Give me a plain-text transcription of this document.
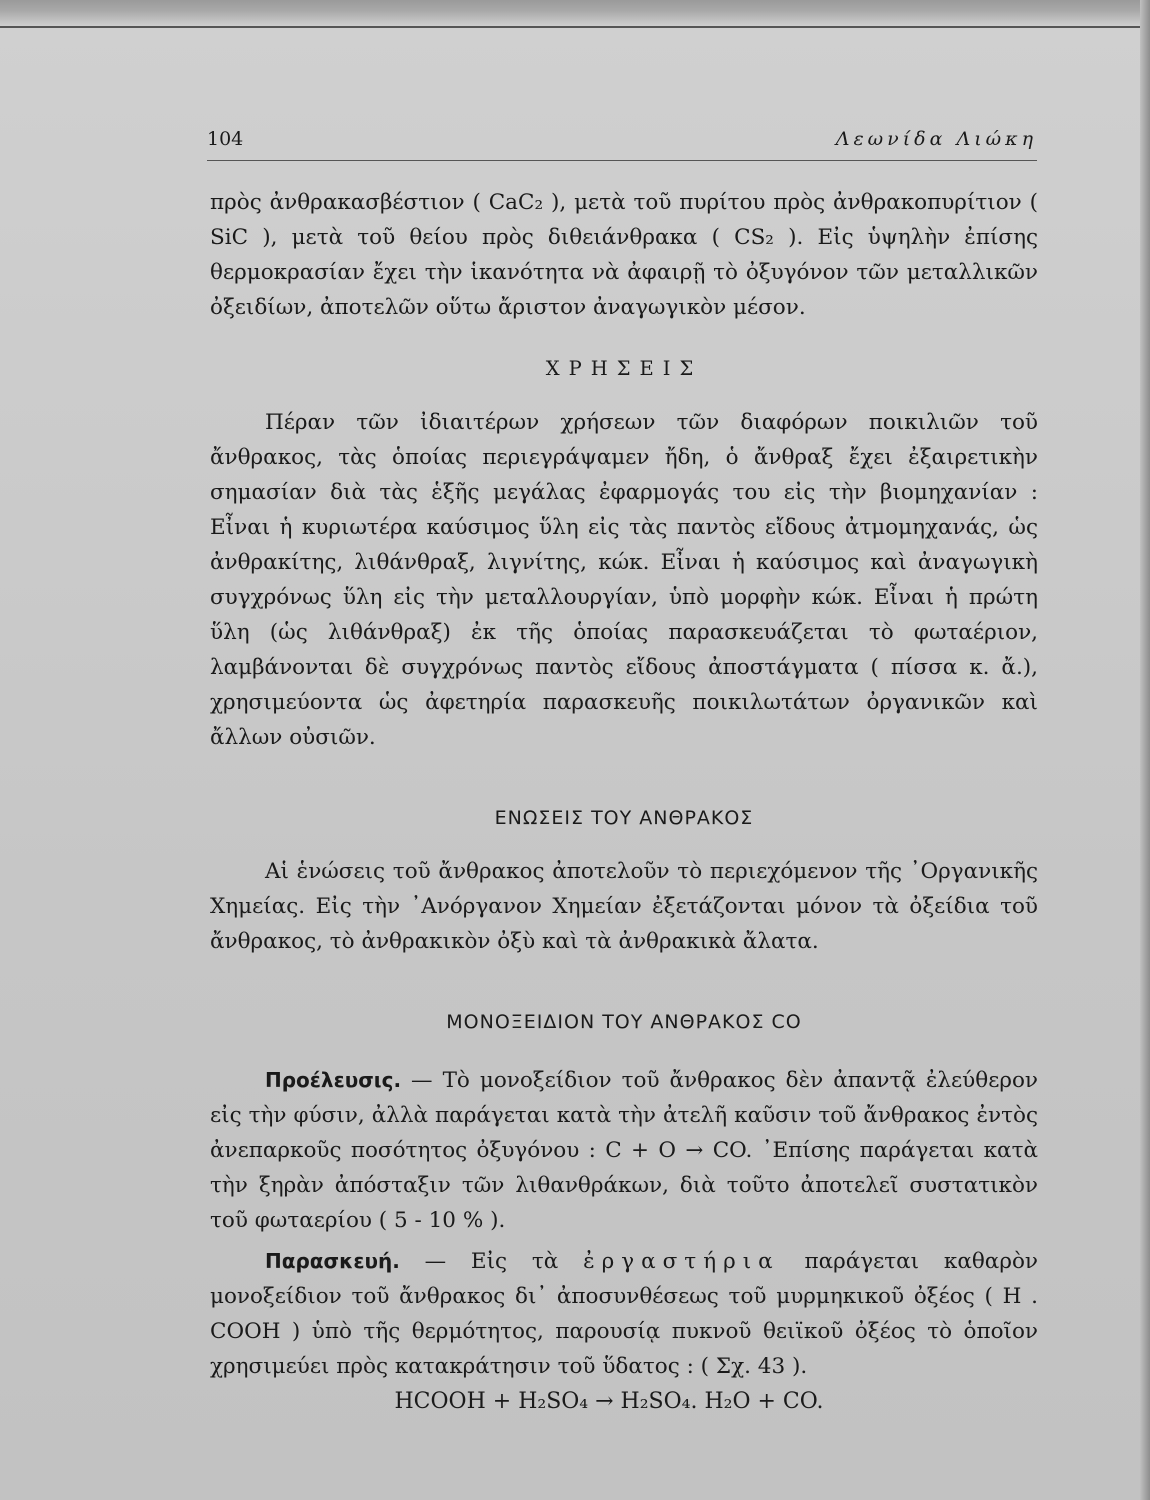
104	Λεωνίδα Λιώκη

πρὸς ἀνθρακασβέστιον ( CaC₂ ), μετὰ τοῦ πυρίτου πρὸς ἀνθρακοπυρίτιον ( SiC ), μετὰ τοῦ θείου πρὸς διθειάνθρακα ( CS₂ ). Εἰς ὑψηλὴν ἐπίσης θερμοκρασίαν ἔχει τὴν ἱκανότητα νὰ ἀφαιρῇ τὸ ὀξυγόνον τῶν μεταλλικῶν ὀξειδίων, ἀποτελῶν οὕτω ἄριστον ἀναγωγικὸν μέσον.

ΧΡΗΣΕΙΣ

Πέραν τῶν ἰδιαιτέρων χρήσεων τῶν διαφόρων ποικιλιῶν τοῦ ἄνθρακος, τὰς ὁποίας περιεγράψαμεν ἤδη, ὁ ἄνθραξ ἔχει ἐξαιρετικὴν σημασίαν διὰ τὰς ἑξῆς μεγάλας ἐφαρμογάς του εἰς τὴν βιομηχανίαν : Εἶναι ἡ κυριωτέρα καύσιμος ὕλη εἰς τὰς παντὸς εἴδους ἀτμομηχανάς, ὡς ἀνθρακίτης, λιθάνθραξ, λιγνίτης, κώκ. Εἶναι ἡ καύσιμος καὶ ἀναγωγικὴ συγχρόνως ὕλη εἰς τὴν μεταλλουργίαν, ὑπὸ μορφὴν κώκ. Εἶναι ἡ πρώτη ὕλη (ὡς λιθάνθραξ) ἐκ τῆς ὁποίας παρασκευάζεται τὸ φωταέριον, λαμβάνονται δὲ συγχρόνως παντὸς εἴδους ἀποστάγματα ( πίσσα κ. ἄ.), χρησιμεύοντα ὡς ἀφετηρία παρασκευῆς ποικιλωτάτων ὀργανικῶν καὶ ἄλλων οὐσιῶν.

ΕΝΩΣΕΙΣ ΤΟΥ ΑΝΘΡΑΚΟΣ

Αἱ ἑνώσεις τοῦ ἄνθρακος ἀποτελοῦν τὸ περιεχόμενον τῆς ᾿Οργανικῆς Χημείας. Εἰς τὴν ᾿Ανόργανον Χημείαν ἐξετάζονται μόνον τὰ ὀξείδια τοῦ ἄνθρακος, τὸ ἀνθρακικὸν ὀξὺ καὶ τὰ ἀνθρακικὰ ἄλατα.

ΜΟΝΟΞΕΙΔΙΟΝ ΤΟΥ ΑΝΘΡΑΚΟΣ CO

Προέλευσις. — Τὸ μονοξείδιον τοῦ ἄνθρακος δὲν ἀπαντᾷ ἐλεύθερον εἰς τὴν φύσιν, ἀλλὰ παράγεται κατὰ τὴν ἀτελῆ καῦσιν τοῦ ἄνθρακος ἐντὸς ἀνεπαρκοῦς ποσότητος ὀξυγόνου : C + O → CO. ᾿Επίσης παράγεται κατὰ τὴν ξηρὰν ἀπόσταξιν τῶν λιθανθράκων, διὰ τοῦτο ἀποτελεῖ συστατικὸν τοῦ φωταερίου ( 5 - 10 % ).

Παρασκευή. — Εἰς τὰ ἐργαστήρια παράγεται καθαρὸν μονοξείδιον τοῦ ἄνθρακος δι᾿ ἀποσυνθέσεως τοῦ μυρμηκικοῦ ὀξέος ( H . COOH ) ὑπὸ τῆς θερμότητος, παρουσίᾳ πυκνοῦ θειϊκοῦ ὀξέος τὸ ὁποῖον χρησιμεύει πρὸς κατακράτησιν τοῦ ὕδατος : ( Σχ. 43 ).

HCOOH + H₂SO₄ → H₂SO₄. H₂O + CO.
